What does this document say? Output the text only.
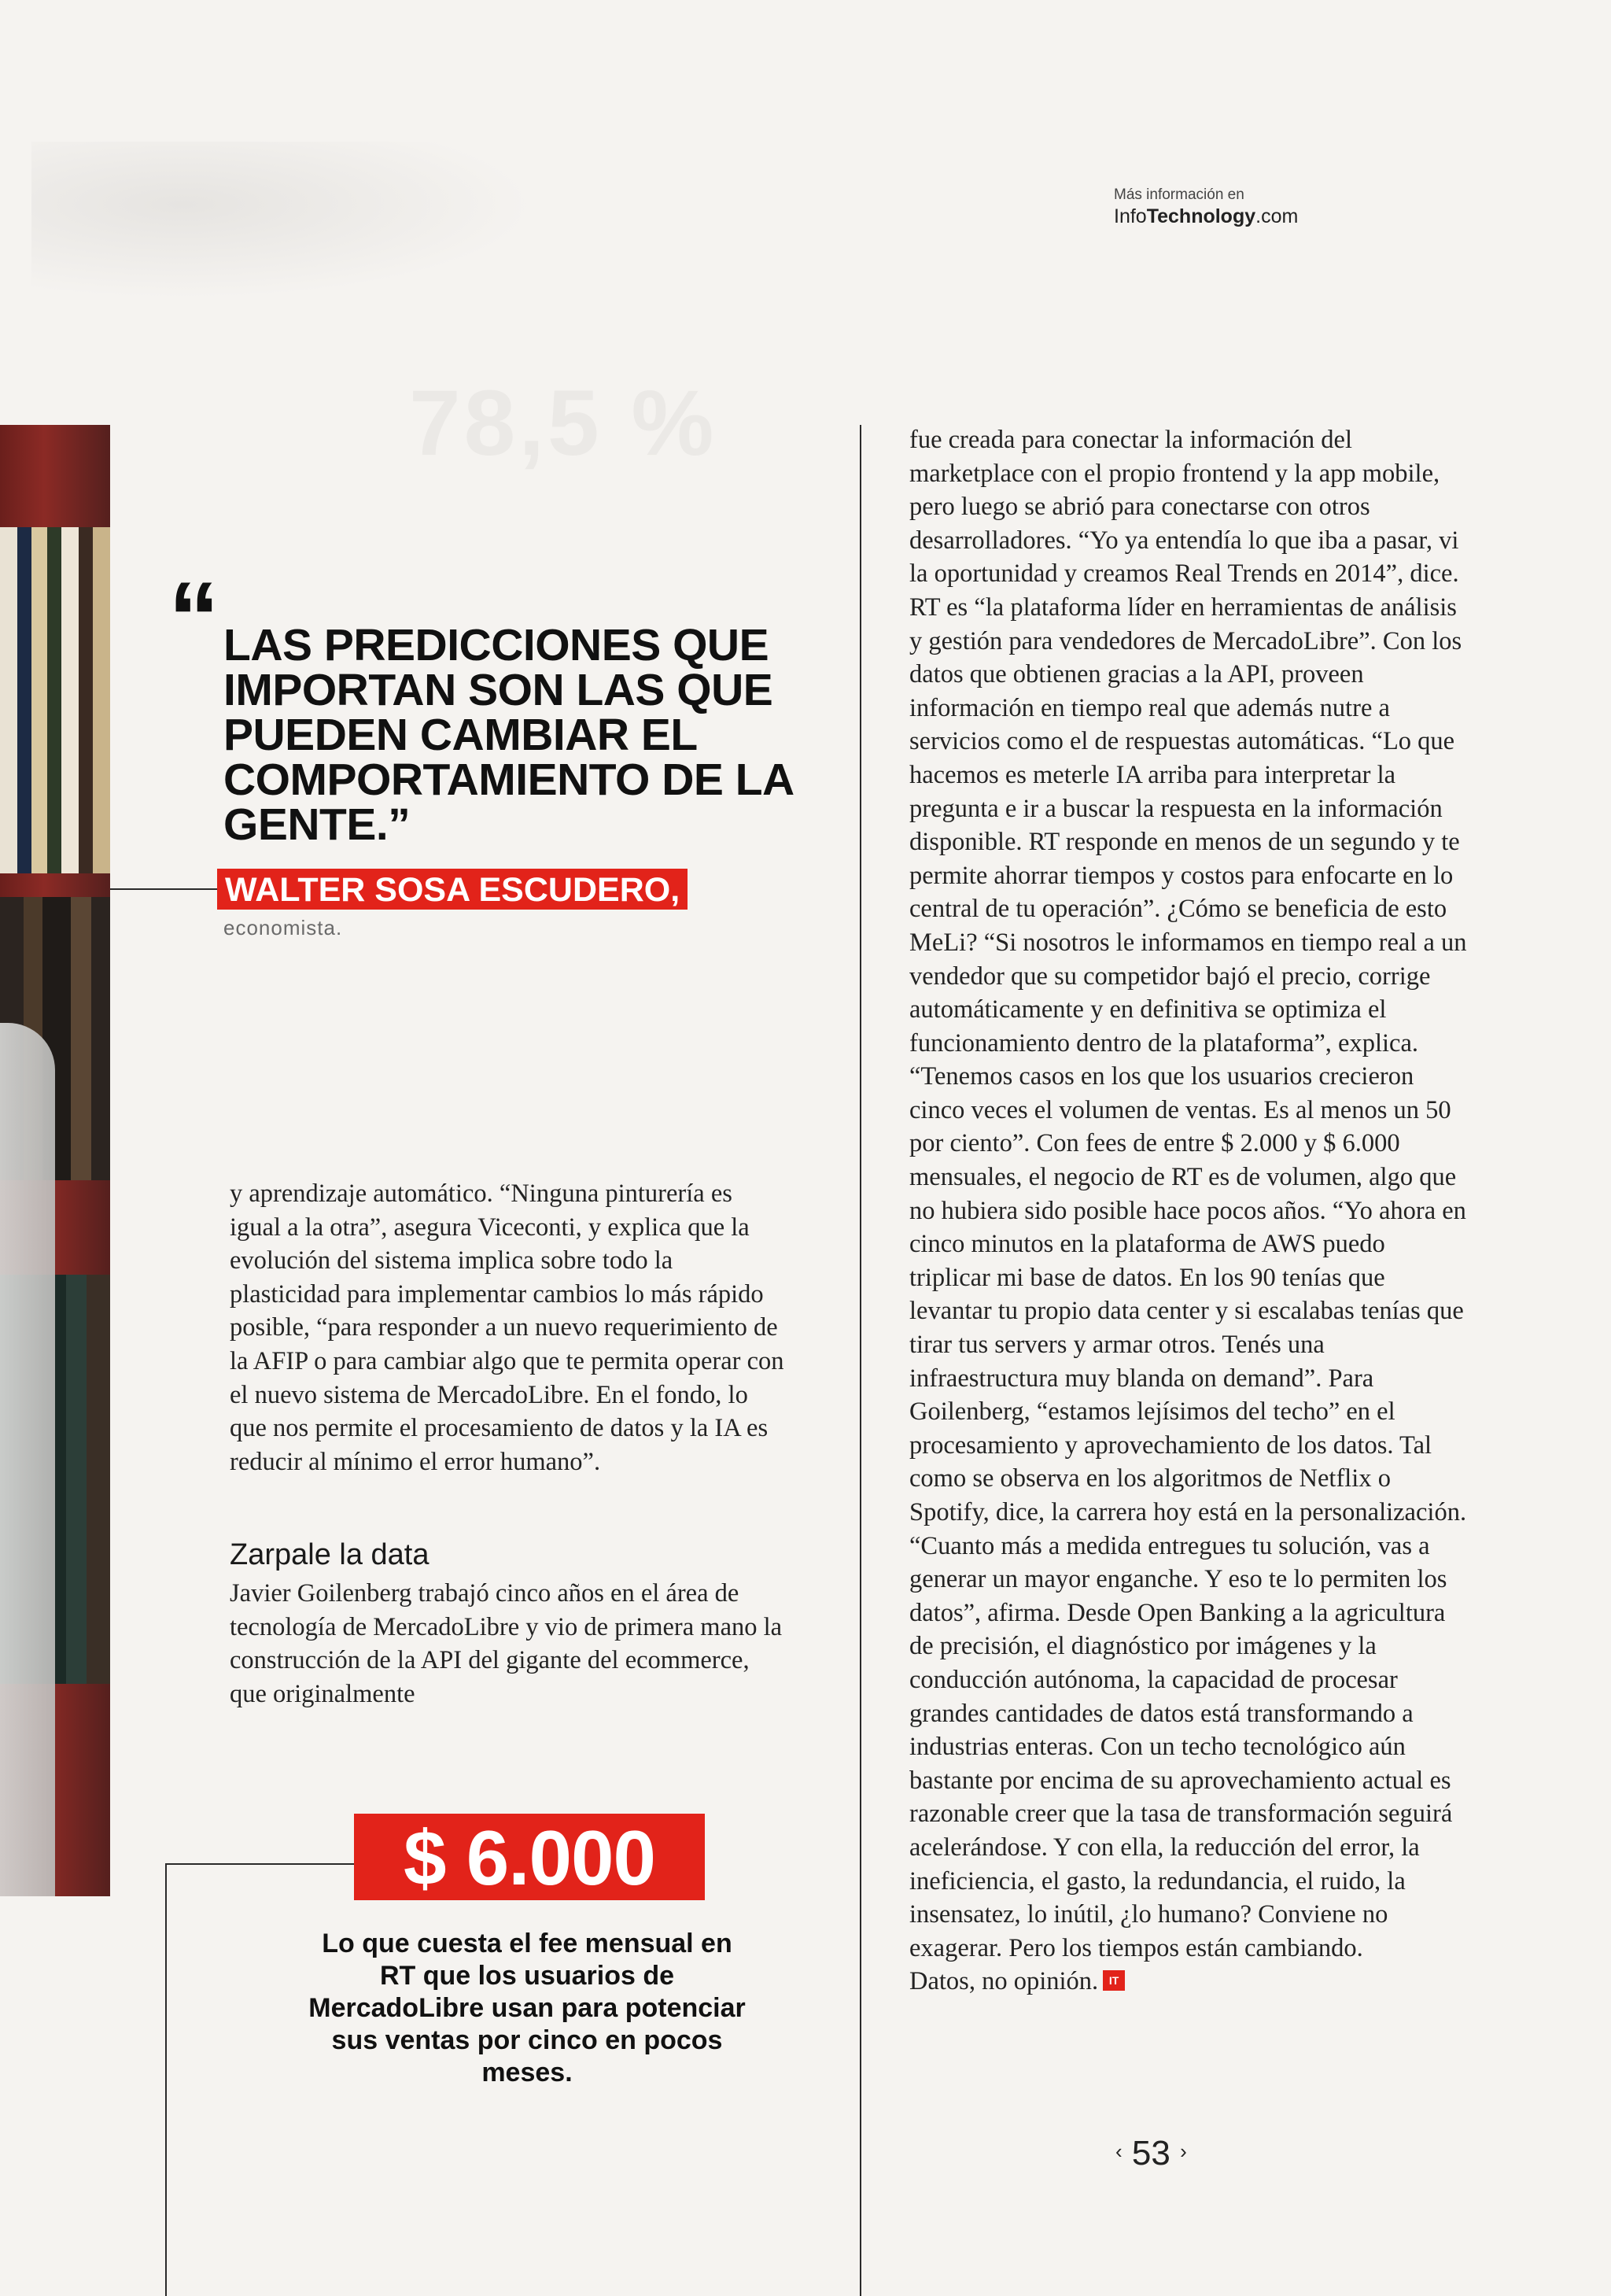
78,5 %
Más información en
InfoTechnology.com
“ LAS PREDICCIONES QUE IMPORTAN SON LAS QUE PUEDEN CAMBIAR EL COMPORTAMIENTO DE LA GENTE.”

WALTER SOSA ESCUDERO,
economista.

y aprendizaje automático. “Ninguna pinturería es igual a la otra”, asegura Viceconti, y explica que la evolución del sistema implica sobre todo la plasticidad para implementar cambios lo más rápido posible, “para responder a un nuevo requerimiento de la AFIP o para cambiar algo que te permita operar con el nuevo sistema de MercadoLibre. En el fondo, lo que nos permite el procesamiento de datos y la IA es reducir al mínimo el error humano”.

Zarpale la data

Javier Goilenberg trabajó cinco años en el área de tecnología de MercadoLibre y vio de primera mano la construcción de la API del gigante del ecommerce, que originalmente

$ 6.000
Lo que cuesta el fee mensual en RT que los usuarios de MercadoLibre usan para potenciar sus ventas por cinco en pocos meses.

fue creada para conectar la información del marketplace con el propio frontend y la app mobile, pero luego se abrió para conectarse con otros desarrolladores. “Yo ya entendía lo que iba a pasar, vi la oportunidad y creamos Real Trends en 2014”, dice. RT es “la plataforma líder en herramientas de análisis y gestión para vendedores de MercadoLibre”. Con los datos que obtienen gracias a la API, proveen información en tiempo real que además nutre a servicios como el de respuestas automáticas. “Lo que hacemos es meterle IA arriba para interpretar la pregunta e ir a buscar la respuesta en la información disponible. RT responde en menos de un segundo y te permite ahorrar tiempos y costos para enfocarte en lo central de tu operación”. ¿Cómo se beneficia de esto MeLi? “Si nosotros le informamos en tiempo real a un vendedor que su competidor bajó el precio, corrige automáticamente y en definitiva se optimiza el funcionamiento dentro de la plataforma”, explica. “Tenemos casos en los que los usuarios crecieron cinco veces el volumen de ventas. Es al menos un 50 por ciento”. Con fees de entre $ 2.000 y $ 6.000 mensuales, el negocio de RT es de volumen, algo que no hubiera sido posible hace pocos años. “Yo ahora en cinco minutos en la plataforma de AWS puedo triplicar mi base de datos. En los 90 tenías que levantar tu propio data center y si escalabas tenías que tirar tus servers y armar otros. Tenés una infraestructura muy blanda on demand”. Para Goilenberg, “estamos lejísimos del techo” en el procesamiento y aprovechamiento de los datos. Tal como se observa en los algoritmos de Netflix o Spotify, dice, la carrera hoy está en la personalización. “Cuanto más a medida entregues tu solución, vas a generar un mayor enganche. Y eso te lo permiten los datos”, afirma. Desde Open Banking a la agricultura de precisión, el diagnóstico por imágenes y la conducción autónoma, la capacidad de procesar grandes cantidades de datos está transformando a industrias enteras. Con un techo tecnológico aún bastante por encima de su aprovechamiento actual es razonable creer que la tasa de transformación seguirá acelerándose. Y con ella, la reducción del error, la ineficiencia, el gasto, la redundancia, el ruido, la insensatez, lo inútil, ¿lo humano? Conviene no exagerar. Pero los tiempos están cambiando.

Datos, no opinión. IT

‹ 53 ›
